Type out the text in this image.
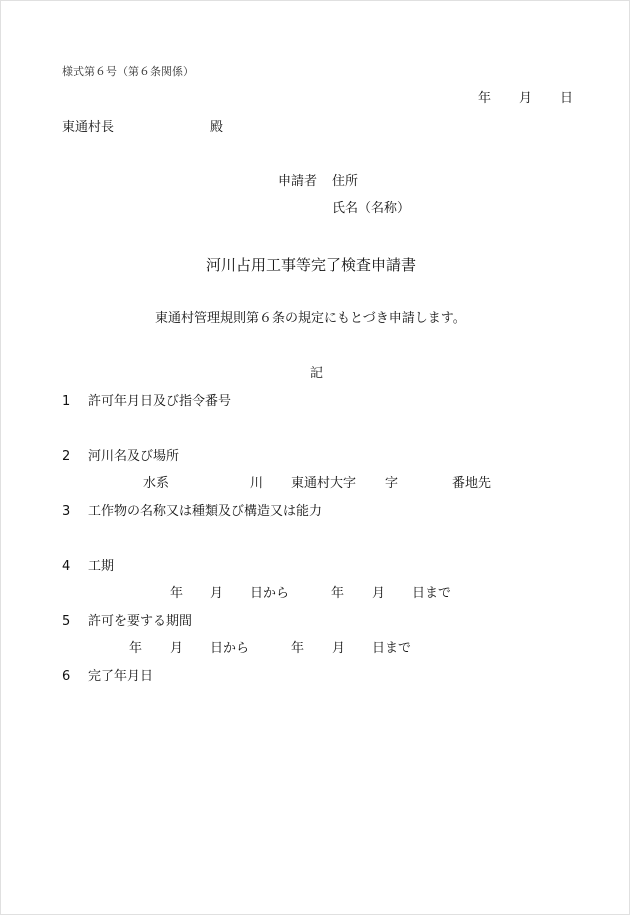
様式第６号（第６条関係）

年 月 日

東通村長	殿

申請者 住所

氏名（名称）

河川占用工事等完了検査申請書

東通村管理規則第６条の規定にもとづき申請します。

記

1 許可年月日及び指令番号

2 河川名及び場所

水系	川 東通村大字 字	番地先

3 工作物の名称又は種類及び構造又は能力

4 工期

年 月 日から	年 月 日まで

5 許可を要する期間

年 月 日から	年 月 日まで

6 完了年月日
